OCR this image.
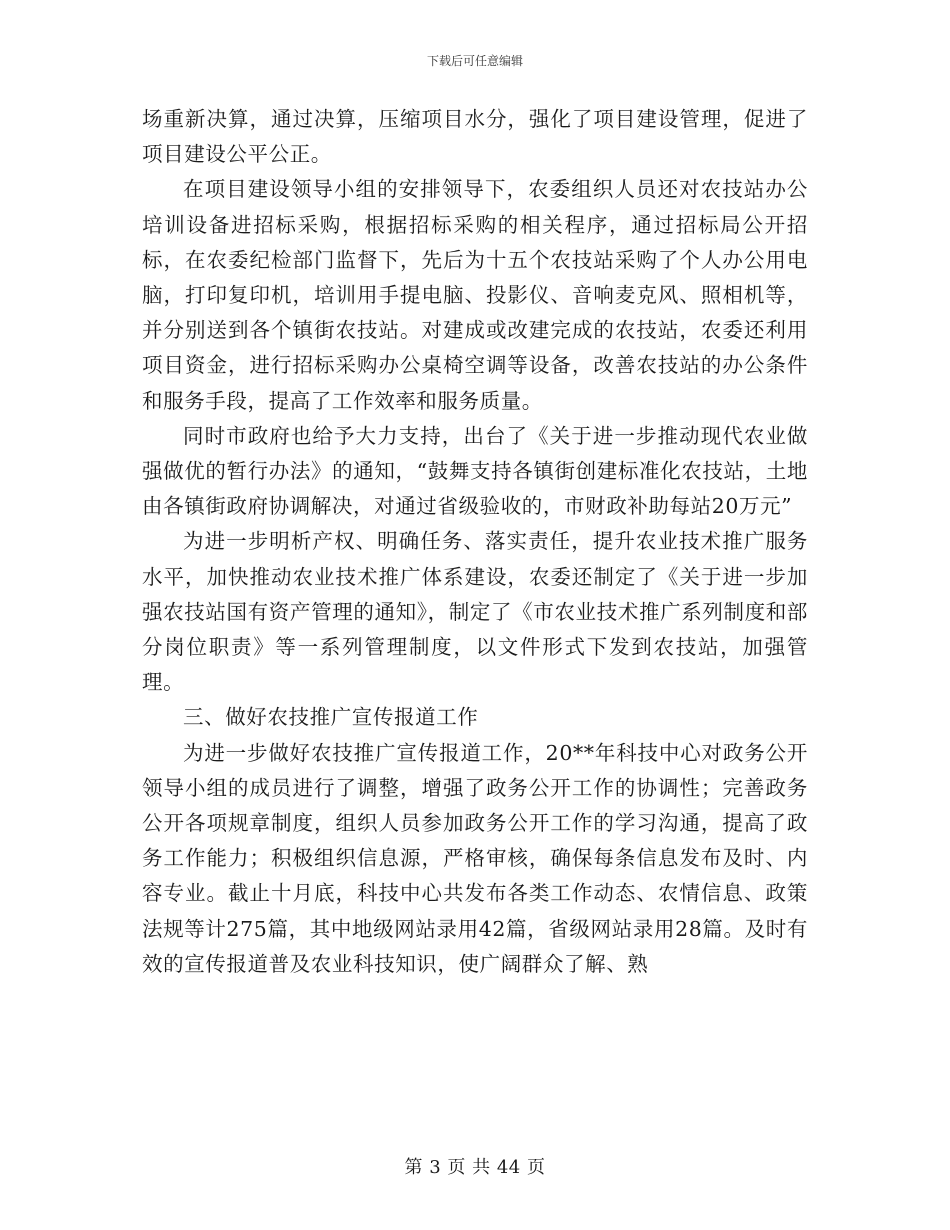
下载后可任意编辑

场重新决算，通过决算，压缩项目水分，强化了项目建设管理，促进了项目建设公平公正。

在项目建设领导小组的安排领导下，农委组织人员还对农技站办公培训设备进招标采购，根据招标采购的相关程序，通过招标局公开招标，在农委纪检部门监督下，先后为十五个农技站采购了个人办公用电脑，打印复印机，培训用手提电脑、投影仪、音响麦克风、照相机等，并分别送到各个镇街农技站。对建成或改建完成的农技站，农委还利用项目资金，进行招标采购办公桌椅空调等设备，改善农技站的办公条件和服务手段，提高了工作效率和服务质量。

同时市政府也给予大力支持，出台了《关于进一步推动现代农业做强做优的暂行办法》的通知，“鼓舞支持各镇街创建标准化农技站，土地由各镇街政府协调解决，对通过省级验收的，市财政补助每站20万元”

为进一步明析产权、明确任务、落实责任，提升农业技术推广服务水平，加快推动农业技术推广体系建设，农委还制定了《关于进一步加强农技站国有资产管理的通知》，制定了《市农业技术推广系列制度和部分岗位职责》等一系列管理制度，以文件形式下发到农技站，加强管理。

三、做好农技推广宣传报道工作

为进一步做好农技推广宣传报道工作，20**年科技中心对政务公开领导小组的成员进行了调整，增强了政务公开工作的协调性；完善政务公开各项规章制度，组织人员参加政务公开工作的学习沟通，提高了政务工作能力；积极组织信息源，严格审核，确保每条信息发布及时、内容专业。截止十月底，科技中心共发布各类工作动态、农情信息、政策法规等计275篇，其中地级网站录用42篇，省级网站录用28篇。及时有效的宣传报道普及农业科技知识，使广阔群众了解、熟

第 3 页 共 44 页
